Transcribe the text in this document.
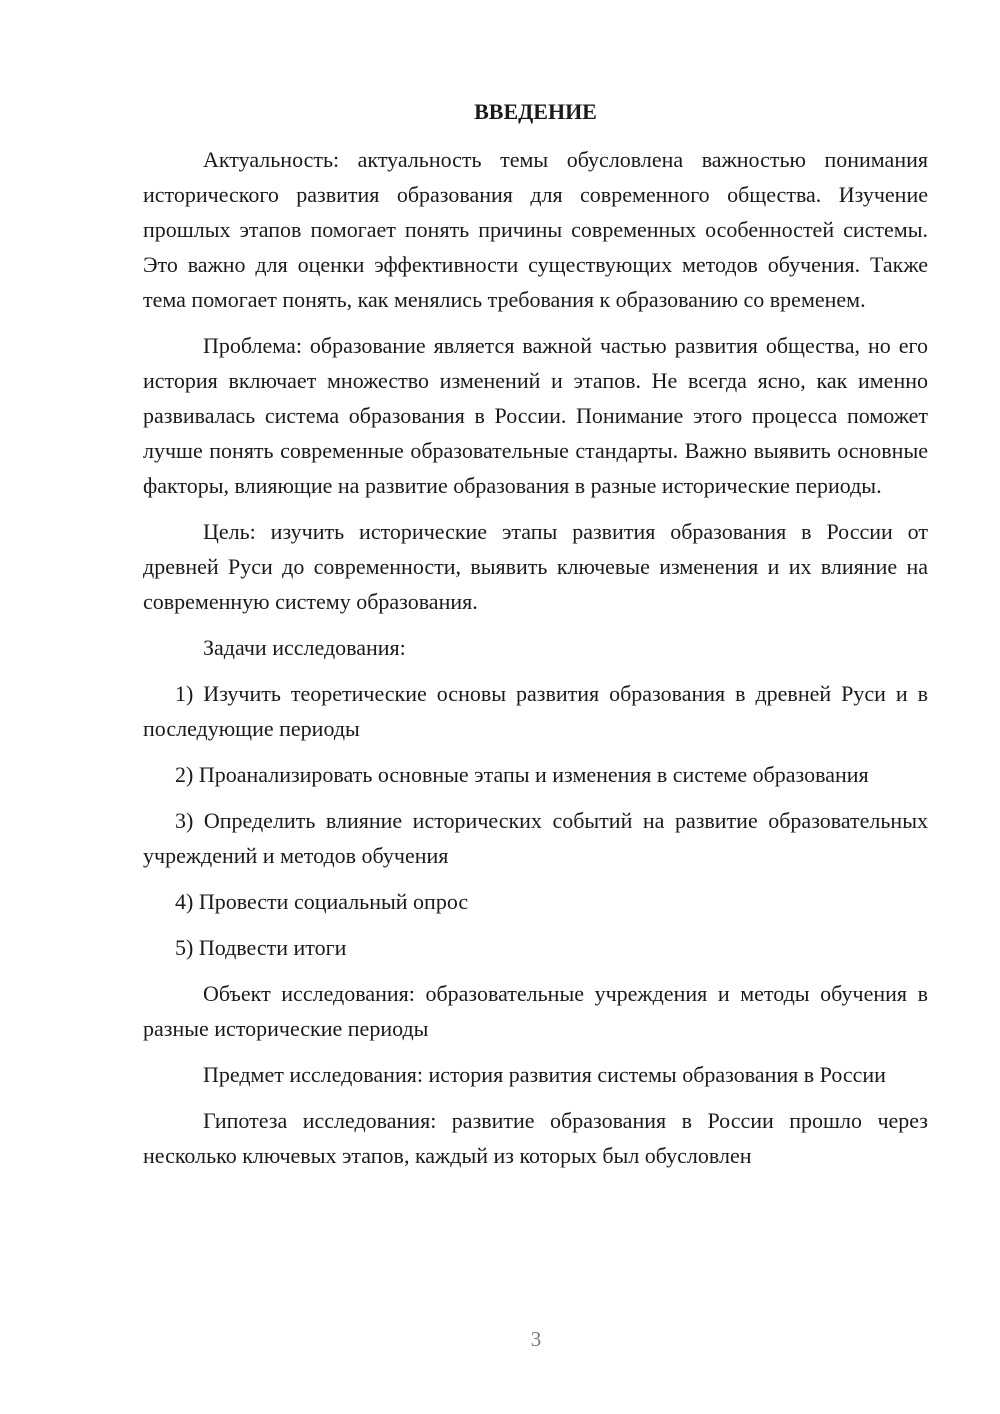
ВВЕДЕНИЕ

Актуальность: актуальность темы обусловлена важностью понимания исторического развития образования для современного общества. Изучение прошлых этапов помогает понять причины современных особенностей системы. Это важно для оценки эффективности существующих методов обучения. Также тема помогает понять, как менялись требования к образованию со временем.

Проблема: образование является важной частью развития общества, но его история включает множество изменений и этапов. Не всегда ясно, как именно развивалась система образования в России. Понимание этого процесса поможет лучше понять современные образовательные стандарты. Важно выявить основные факторы, влияющие на развитие образования в разные исторические периоды.

Цель: изучить исторические этапы развития образования в России от древней Руси до современности, выявить ключевые изменения и их влияние на современную систему образования.

Задачи исследования:

1) Изучить теоретические основы развития образования в древней Руси и в последующие периоды

2) Проанализировать основные этапы и изменения в системе образования

3) Определить влияние исторических событий на развитие образовательных учреждений и методов обучения

4) Провести социальный опрос

5) Подвести итоги

Объект исследования: образовательные учреждения и методы обучения в разные исторические периоды

Предмет исследования: история развития системы образования в России

Гипотеза исследования: развитие образования в России прошло через несколько ключевых этапов, каждый из которых был обусловлен

3
